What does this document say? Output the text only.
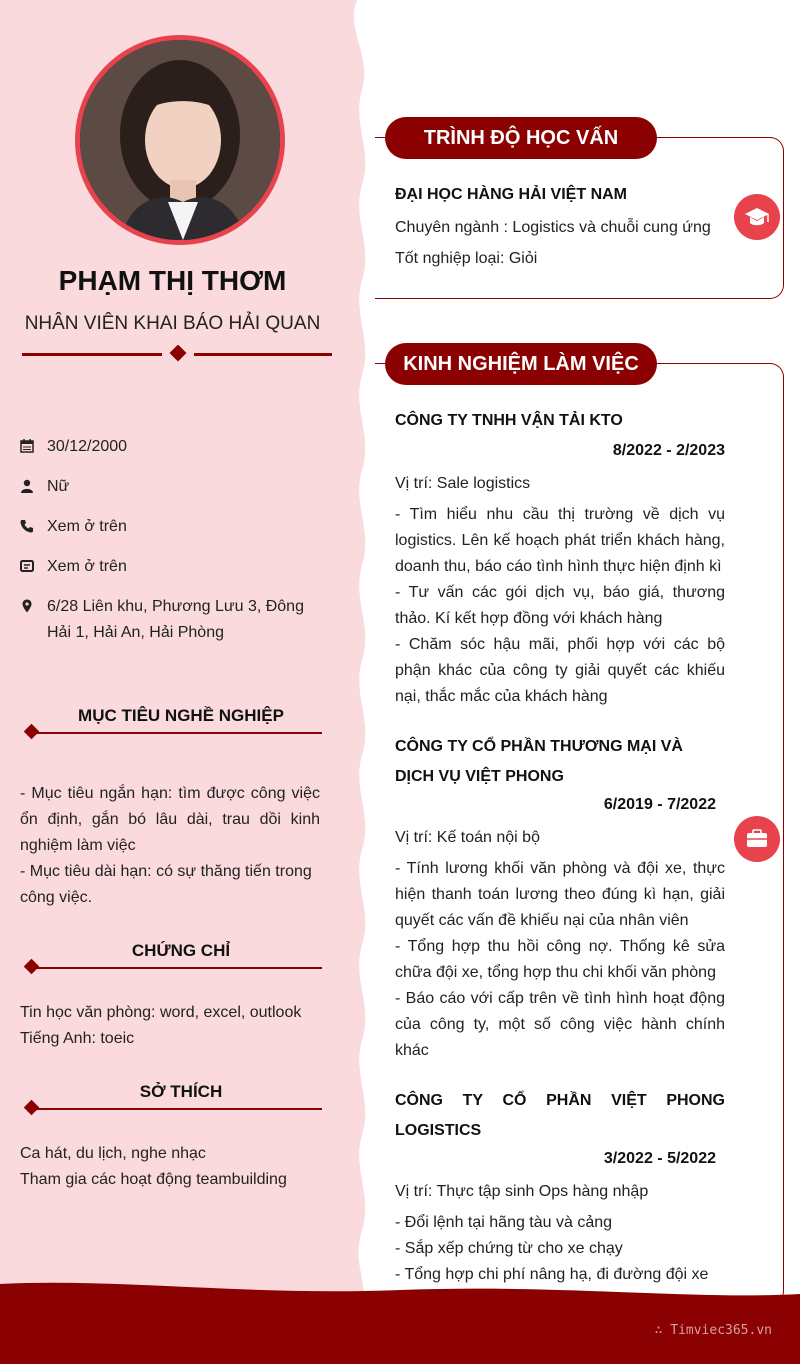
PHẠM THỊ THƠM
NHÂN VIÊN KHAI BÁO HẢI QUAN
30/12/2000
Nữ
Xem ở trên
Xem ở trên
6/28 Liên khu, Phương Lưu 3, Đông Hải 1, Hải An, Hải Phòng
MỤC TIÊU NGHỀ NGHIỆP
- Mục tiêu ngắn hạn: tìm được công việc ổn định, gắn bó lâu dài, trau dồi kinh nghiệm làm việc
- Mục tiêu dài hạn: có sự thăng tiến trong công việc.
CHỨNG CHỈ
Tin học văn phòng: word, excel, outlook
Tiếng Anh: toeic
SỞ THÍCH
Ca hát, du lịch, nghe nhạc
Tham gia các hoạt động teambuilding
TRÌNH ĐỘ HỌC VẤN
ĐẠI HỌC HÀNG HẢI VIỆT NAM
Chuyên ngành : Logistics và chuỗi cung ứng
Tốt nghiệp loại: Giỏi
KINH NGHIỆM LÀM VIỆC
CÔNG TY TNHH VẬN TẢI KTO
8/2022 - 2/2023
Vị trí: Sale logistics
- Tìm hiểu nhu cầu thị trường về dịch vụ logistics. Lên kế hoạch phát triển khách hàng, doanh thu, báo cáo tình hình thực hiện định kì
- Tư vấn các gói dịch vụ, báo giá, thương thảo. Kí kết hợp đồng với khách hàng
- Chăm sóc hậu mãi, phối hợp với các bộ phận khác của công ty giải quyết các khiếu nại, thắc mắc của khách hàng
CÔNG TY CỔ PHẦN THƯƠNG MẠI VÀ DỊCH VỤ VIỆT PHONG
6/2019 - 7/2022
Vị trí: Kế toán nội bộ
- Tính lương khối văn phòng và đội xe, thực hiện thanh toán lương theo đúng kì hạn, giải quyết các vấn đề khiếu nại của nhân viên
- Tổng hợp thu hồi công nợ. Thống kê sửa chữa đội xe, tổng hợp thu chi khối văn phòng
- Báo cáo với cấp trên về tình hình hoạt động của công ty, một số công việc hành chính khác
CÔNG TY CỔ PHẦN VIỆT PHONG LOGISTICS
3/2022 - 5/2022
Vị trí: Thực tập sinh Ops hàng nhập
- Đổi lệnh tại hãng tàu và cảng
- Sắp xếp chứng từ cho xe chạy
- Tổng hợp chi phí nâng hạ, đi đường đội xe
∴ Timviec365.vn
